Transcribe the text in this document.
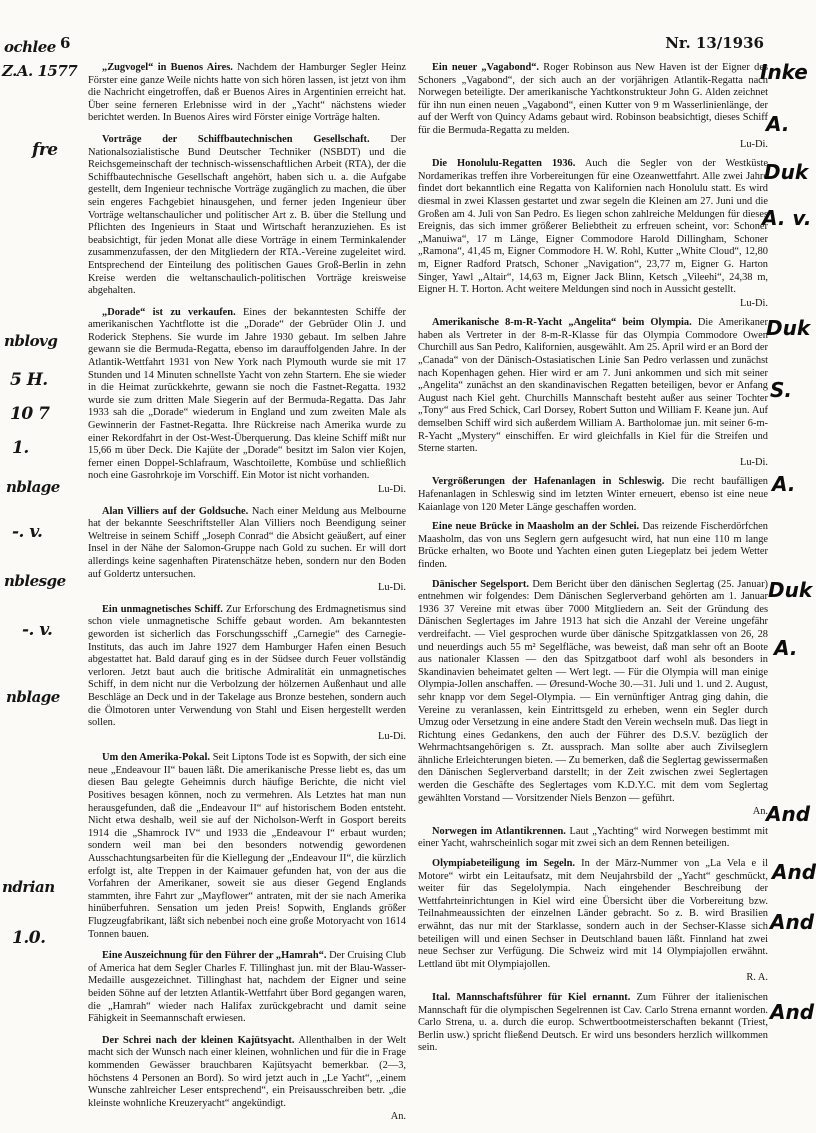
6	Nr. 13/1936

„Zugvogel“ in Buenos Aires. Nachdem der Hamburger Segler Heinz Förster eine ganze Weile nichts hatte von sich hören lassen, ist jetzt von ihm die Nachricht eingetroffen, daß er Buenos Aires in Argentinien erreicht hat. Über seine ferneren Erlebnisse wird in der „Yacht“ nächstens wieder berichtet werden. In Buenos Aires wird Förster einige Vorträge halten.

Vorträge der Schiffbautechnischen Gesellschaft. Der Nationalsozialistische Bund Deutscher Techniker (NSBDT) und die Reichsgemeinschaft der technisch-wissenschaftlichen Arbeit (RTA), der die Schiffbautechnische Gesellschaft angehört, haben sich u. a. die Aufgabe gestellt, dem Ingenieur technische Vorträge zugänglich zu machen, die über sein engeres Fachgebiet hinausgehen, und ferner jeden Ingenieur über Vorträge weltanschaulicher und politischer Art z. B. über die Stellung und Pflichten des Ingenieurs in Staat und Wirtschaft heranzuziehen. Es ist beabsichtigt, für jeden Monat alle diese Vorträge in einem Terminkalender zusammenzufassen, der den Mitgliedern der RTA.-Vereine zugeleitet wird. Entsprechend der Einteilung des politischen Gaues Groß-Berlin in zehn Kreise werden die weltanschaulich-politischen Vorträge kreisweise abgehalten.

„Dorade“ ist zu verkaufen. Eines der bekanntesten Schiffe der amerikanischen Yachtflotte ist die „Dorade“ der Gebrüder Olin J. und Roderick Stephens. Sie wurde im Jahre 1930 gebaut. Im selben Jahre gewann sie die Bermuda-Regatta, ebenso im darauffolgenden Jahre. In der Atlantik-Wettfahrt 1931 von New York nach Plymouth wurde sie mit 17 Stunden und 14 Minuten schnellste Yacht von zehn Startern. Ehe sie wieder in die Heimat zurückkehrte, gewann sie noch die Fastnet-Regatta. 1932 wurde sie zum dritten Male Siegerin auf der Bermuda-Regatta. Das Jahr 1933 sah die „Dorade“ wiederum in England und zum zweiten Male als Gewinnerin der Fastnet-Regatta. Ihre Rückreise nach Amerika wurde zu einer Rekordfahrt in der Ost-West-Überquerung. Das kleine Schiff mißt nur 15,66 m über Deck. Die Kajüte der „Dorade“ besitzt im Salon vier Kojen, ferner einen Doppel-Schlafraum, Waschtoilette, Kombüse und schließlich noch eine Gasrohrkoje im Vorschiff. Ein Motor ist nicht vorhanden.

Lu-Di.

Alan Villiers auf der Goldsuche. Nach einer Meldung aus Melbourne hat der bekannte Seeschriftsteller Alan Villiers noch Beendigung seiner Weltreise in seinem Schiff „Joseph Conrad“ die Absicht geäußert, auf einer Insel in der Nähe der Salomon-Gruppe nach Gold zu suchen. Er will dort allerdings keine sagenhaften Piratenschätze heben, sondern nur den Boden auf Goldertz untersuchen.

Lu-Di.

Ein unmagnetisches Schiff. Zur Erforschung des Erdmagnetismus sind schon viele unmagnetische Schiffe gebaut worden. Am bekanntesten geworden ist sicherlich das Forschungsschiff „Carnegie“ des Carnegie-Instituts, das auch im Jahre 1927 dem Hamburger Hafen einen Besuch abgestattet hat. Bald darauf ging es in der Südsee durch Feuer vollständig verloren. Jetzt baut auch die britische Admiralität ein unmagnetisches Schiff, in dem nicht nur die Verbolzung der hölzernen Außenhaut und alle Beschläge an Deck und in der Takelage aus Bronze bestehen, sondern auch die Ölmotoren unter Verwendung von Stahl und Eisen hergestellt werden sollen.

Lu-Di.

Um den Amerika-Pokal. Seit Liptons Tode ist es Sopwith, der sich eine neue „Endeavour II“ bauen läßt. Die amerikanische Presse liebt es, das um diesen Bau gelegte Geheimnis durch häufige Berichte, die nicht viel Positives besagen können, noch zu vermehren. Als Letztes hat man nun herausgefunden, daß die „Endeavour II“ auf historischem Boden entsteht. Nicht etwa deshalb, weil sie auf der Nicholson-Werft in Gosport bereits 1914 die „Shamrock IV“ und 1933 die „Endeavour I“ erbaut wurden; sondern weil man bei den besonders notwendig gewordenen Ausschachtungsarbeiten für die Kiellegung der „Endeavour II“, die kürzlich erfolgt ist, alte Treppen in der Kaimauer gefunden hat, von der aus die Vorfahren der Amerikaner, soweit sie aus dieser Gegend Englands stammten, ihre Fahrt zur „Mayflower“ antraten, mit der sie nach Amerika hinüberfuhren. Sensation um jeden Preis! Sopwith, Englands größer Flugzeugfabrikant, läßt sich nebenbei noch eine große Motoryacht von 1614 Tonnen bauen.

Eine Auszeichnung für den Führer der „Hamrah“. Der Cruising Club of America hat dem Segler Charles F. Tillinghast jun. mit der Blau-Wasser-Medaille ausgezeichnet. Tillinghast hat, nachdem der Eigner und seine beiden Söhne auf der letzten Atlantik-Wettfahrt über Bord gegangen waren, die „Hamrah“ wieder nach Halifax zurückgebracht und damit seine Fähigkeit in Seemannschaft erwiesen.

Der Schrei nach der kleinen Kajütsyacht. Allenthalben in der Welt macht sich der Wunsch nach einer kleinen, wohnlichen und für die in Frage kommenden Gewässer brauchbaren Kajütsyacht bemerkbar. (2—3, höchstens 4 Personen an Bord). So wird jetzt auch in „Le Yacht“, „einem Wunsche zahlreicher Leser entsprechend“, ein Preisausschreiben betr. „die kleinste wohnliche Kreuzeryacht“ angekündigt.

An.

Ein neuer „Vagabond“. Roger Robinson aus New Haven ist der Eigner des Schoners „Vagabond“, der sich auch an der vorjährigen Atlantik-Regatta nach Norwegen beteiligte. Der amerikanische Yachtkonstrukteur John G. Alden zeichnet für ihn nun einen neuen „Vagabond“, einen Kutter von 9 m Wasserlinienlänge, der auf der Werft von Quincy Adams gebaut wird. Robinson beabsichtigt, dieses Schiff für die Bermuda-Regatta zu melden.

Lu-Di.

Die Honolulu-Regatten 1936. Auch die Segler von der Westküste Nordamerikas treffen ihre Vorbereitungen für eine Ozeanwettfahrt. Alle zwei Jahre findet dort bekanntlich eine Regatta von Kalifornien nach Honolulu statt. Es wird diesmal in zwei Klassen gestartet und zwar segeln die Kleinen am 27. Juni und die Großen am 4. Juli von San Pedro. Es liegen schon zahlreiche Meldungen für dieses Ereignis, das sich immer größerer Beliebtheit zu erfreuen scheint, vor: Schoner „Manuiwa“, 17 m Länge, Eigner Commodore Harold Dillingham, Schoner „Ramona“, 41,45 m, Eigner Commodore H. W. Rohl, Kutter „White Cloud“, 12,80 m, Eigner Radford Pratsch, Schoner „Navigation“, 23,77 m, Eigner G. Harton Singer, Yawl „Altair“, 14,63 m, Eigner Jack Blinn, Ketsch „Vileehi“, 24,38 m, Eigner H. T. Horton. Acht weitere Meldungen sind noch in Aussicht gestellt.

Lu-Di.

Amerikanische 8-m-R-Yacht „Angelita“ beim Olympia. Die Amerikaner haben als Vertreter in der 8-m-R-Klasse für das Olympia Commodore Owen Churchill aus San Pedro, Kalifornien, ausgewählt. Am 25. April wird er an Bord der „Canada“ von der Dänisch-Ostasiatischen Linie San Pedro verlassen und zunächst nach Kopenhagen gehen. Hier wird er am 7. Juni ankommen und sich mit seiner „Angelita“ zunächst an den skandinavischen Regatten beteiligen, bevor er Anfang August nach Kiel geht. Churchills Mannschaft besteht außer aus seiner Tochter „Tony“ aus Fred Schick, Carl Dorsey, Robert Sutton und William F. Keane jun. Auf demselben Schiff wird sich außerdem William A. Bartholomae jun. mit seiner 6-m-R-Yacht „Mystery“ einschiffen. Er wird gleichfalls in Kiel für die Streifen und Sterne starten.

Lu-Di.

Vergrößerungen der Hafenanlagen in Schleswig. Die recht baufälligen Hafenanlagen in Schleswig sind im letzten Winter erneuert, ebenso ist eine neue Kaianlage von 120 Meter Länge geschaffen worden.

Eine neue Brücke in Maasholm an der Schlei. Das reizende Fischerdörfchen Maasholm, das von uns Seglern gern aufgesucht wird, hat nun eine 110 m lange Brücke erhalten, wo Boote und Yachten einen guten Liegeplatz bei jedem Wetter finden.

Dänischer Segelsport. Dem Bericht über den dänischen Seglertag (25. Januar) entnehmen wir folgendes: Dem Dänischen Seglerverband gehörten am 1. Januar 1936 37 Vereine mit etwas über 7000 Mitgliedern an. Seit der Gründung des Dänischen Seglertages im Jahre 1913 hat sich die Anzahl der Vereine ungefähr verdreifacht. — Viel gesprochen wurde über dänische Spitzgatklassen von 26, 28 und neuerdings auch 55 m² Segelfläche, was beweist, daß man sehr oft an Boote aus nationaler Klassen — den das Spitzgatboot darf wohl als besonders in Skandinavien beheimatet gelten — Wert legt. — Für die Olympia will man einige Olympia-Jollen anschaffen. — Øresund-Woche 30.—31. Juli und 1. und 2. August, sehr knapp vor dem Segel-Olympia. — Ein vernünftiger Antrag ging dahin, die Vereine zu veranlassen, kein Eintrittsgeld zu erheben, wenn ein Segler durch Umzug oder Versetzung in eine andere Stadt den Verein wechseln muß. Das liegt in Richtung eines Gedankens, den auch der Führer des D.S.V. bezüglich der Wehrmachtsangehörigen s. Zt. aussprach. Man sollte aber auch Zivilseglern ähnliche Erleichterungen bieten. — Zu bemerken, daß die Seglertag gewissermaßen den Dänischen Seglerverband darstellt; in der Zeit zwischen zwei Seglertagen werden die Geschäfte des Seglertages vom K.D.Y.C. mit dem vom Seglertag gewählten Vorstand — Vorsitzender Niels Benzon — geführt.

An.

Norwegen im Atlantikrennen. Laut „Yachting“ wird Norwegen bestimmt mit einer Yacht, wahrscheinlich sogar mit zwei sich an dem Rennen beteiligen.

Olympiabeteiligung im Segeln. In der März-Nummer von „La Vela e il Motore“ wirbt ein Leitaufsatz, mit dem Neujahrsbild der „Yacht“ geschmückt, weiter für das Segelolympia. Nach eingehender Beschreibung der Wettfahrteinrichtungen in Kiel wird eine Übersicht über die Vorbereitung bzw. Teilnahmeaussichten der einzelnen Länder gebracht. So z. B. wird Brasilien erwähnt, das nur mit der Starklasse, sondern auch in der Sechser-Klasse sich beteiligen will und einen Sechser in Deutschland bauen läßt. Finnland hat zwei neue Sechser zur Verfügung. Die Schweiz wird mit 14 Olympiajollen erwähnt. Lettland übt mit Olympiajollen.

R. A.

Ital. Mannschaftsführer für Kiel ernannt. Zum Führer der italienischen Mannschaft für die olympischen Segelrennen ist Cav. Carlo Strena ernannt worden. Carlo Strena, u. a. durch die europ. Schwertbootmeisterschaften bekannt (Triest, Berlin usw.) spricht fließend Deutsch. Er wird uns besonders herzlich willkommen sein.

ochlee
Z.A. 1577
fre
nblovg
5 H.
10 7
1.
nblage
-. v.
nblesge
-. v.
nblage
ndrian
1.0.
Inke
A.
Duk
A. v.
Duk
S.
A.
Duk
A.
And
And
And
And
